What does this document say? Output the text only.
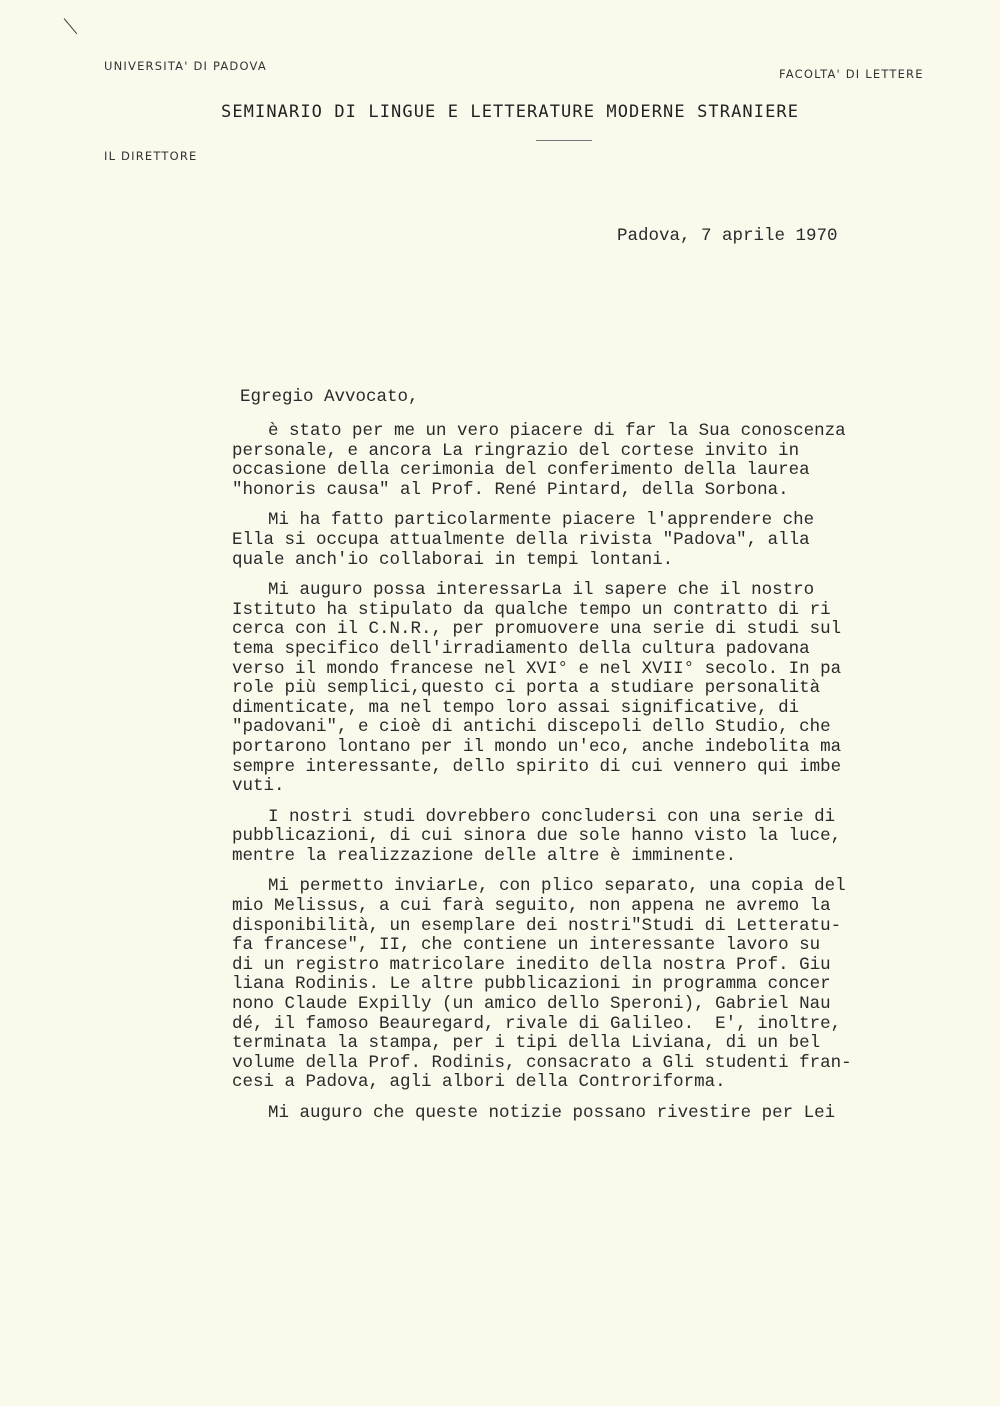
UNIVERSITA' DI PADOVA
FACOLTA' DI LETTERE
SEMINARIO DI LINGUE E LETTERATURE MODERNE STRANIERE
IL DIRETTORE
Padova, 7 aprile 1970
Egregio Avvocato,
è stato per me un vero piacere di far la Sua conoscenza
personale, e ancora La ringrazio del cortese invito in
occasione della cerimonia del conferimento della laurea
"honoris causa" al Prof. René Pintard, della Sorbona.
Mi ha fatto particolarmente piacere l'apprendere che
Ella si occupa attualmente della rivista "Padova", alla
quale anch'io collaborai in tempi lontani.
Mi auguro possa interessarLa il sapere che il nostro
Istituto ha stipulato da qualche tempo un contratto di ri
cerca con il C.N.R., per promuovere una serie di studi sul
tema specifico dell'irradiamento della cultura padovana
verso il mondo francese nel XVI° e nel XVII° secolo. In pa
role più semplici,questo ci porta a studiare personalità
dimenticate, ma nel tempo loro assai significative, di
"padovani", e cioè di antichi discepoli dello Studio, che
portarono lontano per il mondo un'eco, anche indebolita ma
sempre interessante, dello spirito di cui vennero qui imbe
vuti.
I nostri studi dovrebbero concludersi con una serie di
pubblicazioni, di cui sinora due sole hanno visto la luce,
mentre la realizzazione delle altre è imminente.
Mi permetto inviarLe, con plico separato, una copia del
mio Melissus, a cui farà seguito, non appena ne avremo la
disponibilità, un esemplare dei nostri"Studi di Letteratu-
fa francese", II, che contiene un interessante lavoro su
di un registro matricolare inedito della nostra Prof. Giu
liana Rodinis. Le altre pubblicazioni in programma concer
nono Claude Expilly (un amico dello Speroni), Gabriel Nau
dé, il famoso Beauregard, rivale di Galileo.  E', inoltre,
terminata la stampa, per i tipi della Liviana, di un bel
volume della Prof. Rodinis, consacrato a Gli studenti fran-
cesi a Padova, agli albori della Controriforma.
Mi auguro che queste notizie possano rivestire per Lei
